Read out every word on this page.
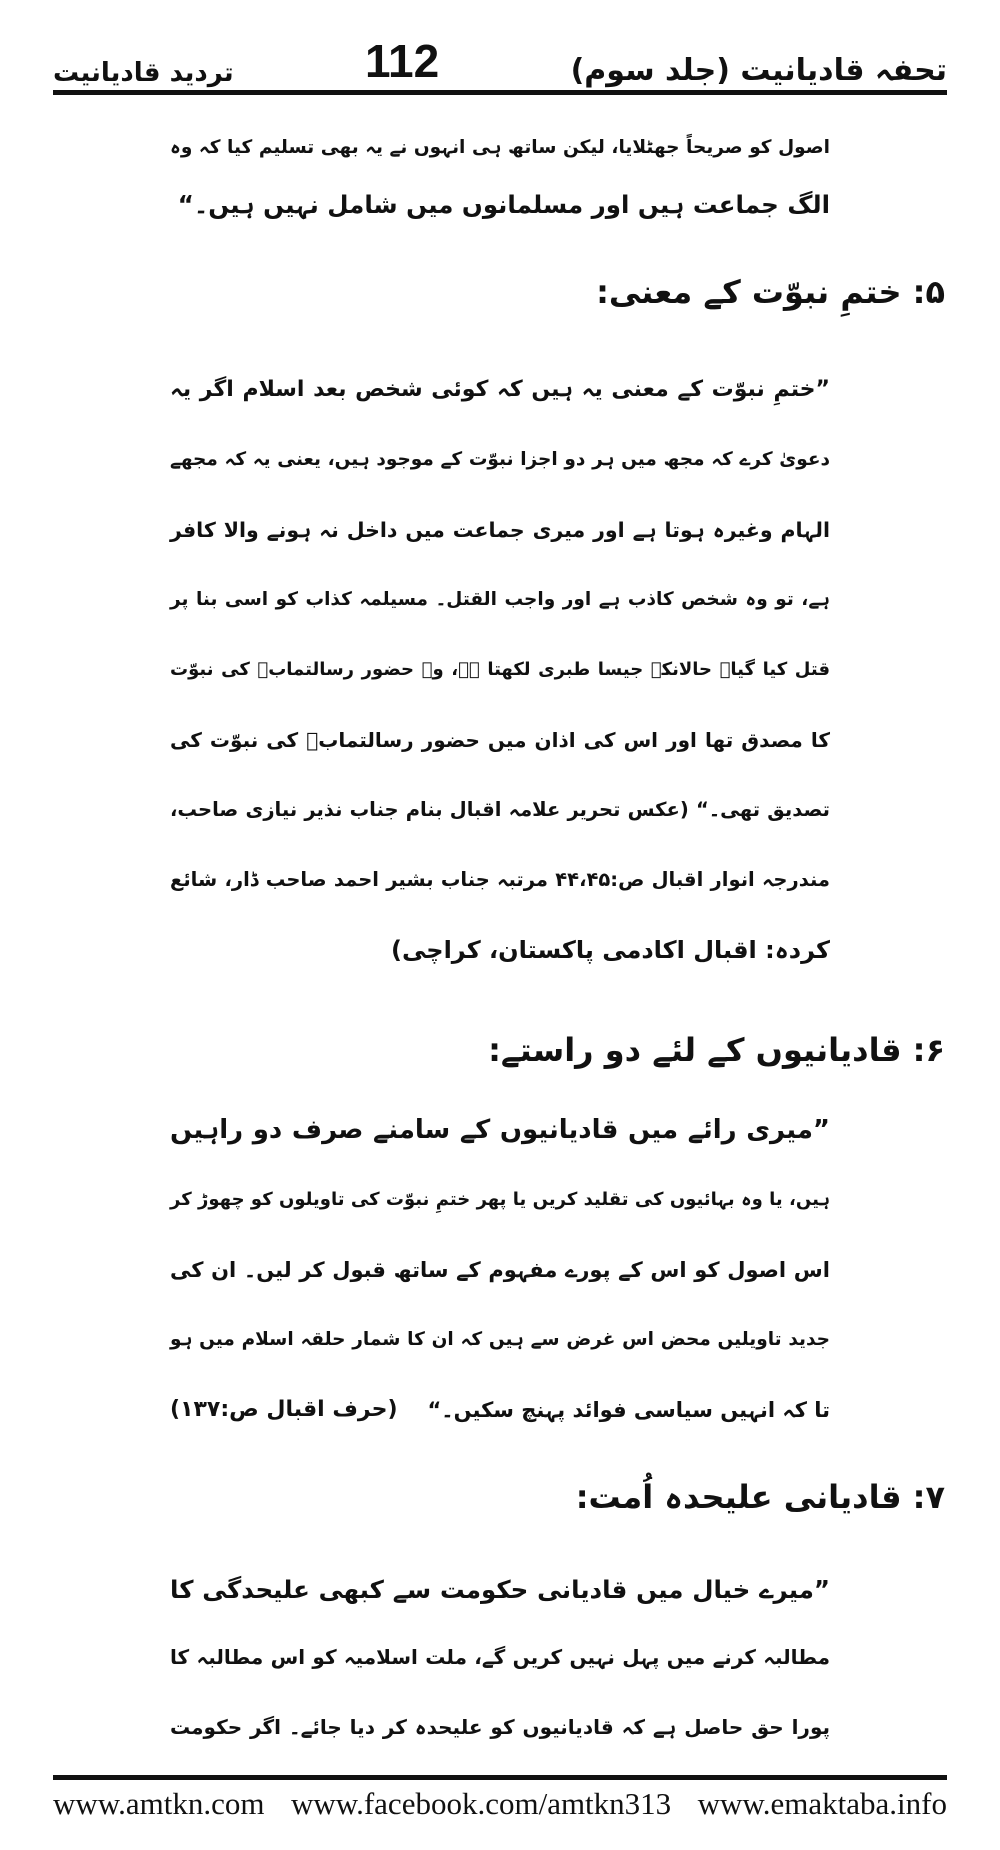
تردید قادیانیت	112	تحفہ قادیانیت (جلد سوم)
اصول کو صریحاً جھٹلایا، لیکن ساتھ ہی انہوں نے یہ بھی تسلیم کیا کہ وہ
الگ جماعت ہیں اور مسلمانوں میں شامل نہیں ہیں۔“
۵: ختمِ نبوّت کے معنی:
”ختمِ نبوّت کے معنی یہ ہیں کہ کوئی شخص بعد اسلام اگر یہ
دعویٰ کرے کہ مجھ میں ہر دو اجزا نبوّت کے موجود ہیں، یعنی یہ کہ مجھے
الہام وغیرہ ہوتا ہے اور میری جماعت میں داخل نہ ہونے والا کافر
ہے، تو وہ شخص کاذب ہے اور واجب القتل۔ مسیلمہ کذاب کو اسی بنا پر
قتل کیا گیا۔ حالانکہ جیسا طبری لکھتا ہے، وہ حضور رسالتمابؐ کی نبوّت
کا مصدق تھا اور اس کی اذان میں حضور رسالتمابؐ کی نبوّت کی
تصدیق تھی۔“ (عکس تحریر علامہ اقبال بنام جناب نذیر نیازی صاحب،
مندرجہ انوار اقبال ص:۴۴،۴۵ مرتبہ جناب بشیر احمد صاحب ڈار، شائع
کردہ: اقبال اکادمی پاکستان، کراچی)
۶: قادیانیوں کے لئے دو راستے:
”میری رائے میں قادیانیوں کے سامنے صرف دو راہیں
ہیں، یا وہ بہائیوں کی تقلید کریں یا پھر ختمِ نبوّت کی تاویلوں کو چھوڑ کر
اس اصول کو اس کے پورے مفہوم کے ساتھ قبول کر لیں۔ ان کی
جدید تاویلیں محض اس غرض سے ہیں کہ ان کا شمار حلقہ اسلام میں ہو
تا کہ انہیں سیاسی فوائد پہنچ سکیں۔“
(حرف اقبال ص:۱۳۷)
۷: قادیانی علیحدہ اُمت:
”میرے خیال میں قادیانی حکومت سے کبھی علیحدگی کا
مطالبہ کرنے میں پہل نہیں کریں گے، ملت اسلامیہ کو اس مطالبہ کا
پورا حق حاصل ہے کہ قادیانیوں کو علیحدہ کر دیا جائے۔ اگر حکومت
www.amtkn.com www.facebook.com/amtkn313 www.emaktaba.info
